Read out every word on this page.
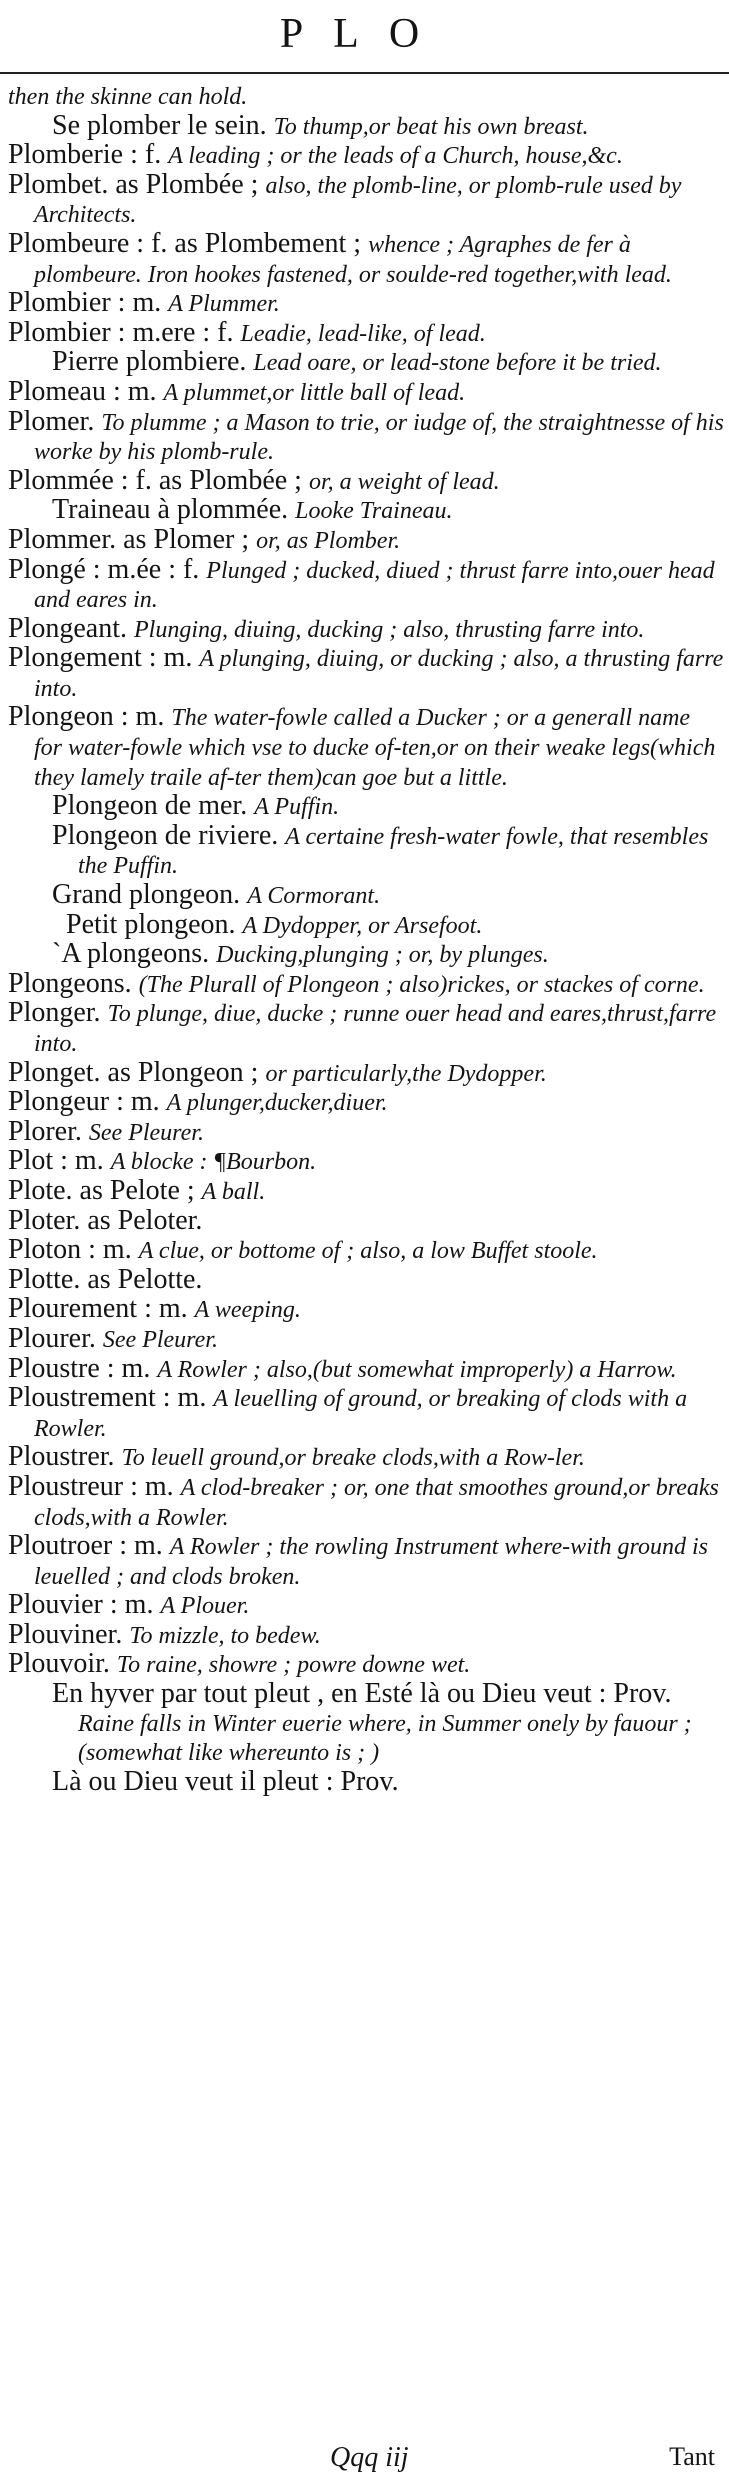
PLO

then the skinne can hold.

Se plomber le sein. To thump,or beat his own breast.

Plomberie : f. A leading ; or the leads of a Church, house,&c.

Plombet. as Plombée ; also, the plomb-line, or plomb-rule used by Architects.

Plombeure : f. as Plombement ; whence ; Agraphes de fer à plombeure. Iron hookes fastened, or soulde-red together,with lead.

Plombier : m. A Plummer.

Plombier : m.ere : f. Leadie, lead-like, of lead.

Pierre plombiere. Lead oare, or lead-stone before it be tried.

Plomeau : m. A plummet,or little ball of lead.

Plomer. To plumme ; a Mason to trie, or iudge of, the straightnesse of his worke by his plomb-rule.

Plommée : f. as Plombée ; or, a weight of lead.

Traineau à plommée. Looke Traineau.

Plommer. as Plomer ; or, as Plomber.

Plongé : m.ée : f. Plunged ; ducked, diued ; thrust farre into,ouer head and eares in.

Plongeant. Plunging, diuing, ducking ; also, thrusting farre into.

Plongement : m. A plunging, diuing, or ducking ; also, a thrusting farre into.

Plongeon : m. The water-fowle called a Ducker ; or a generall name for water-fowle which vse to ducke of-ten,or on their weake legs(which they lamely traile af-ter them)can goe but a little.

Plongeon de mer. A Puffin.

Plongeon de riviere. A certaine fresh-water fowle, that resembles the Puffin.

Grand plongeon. A Cormorant.

Petit plongeon. A Dydopper, or Arsefoot.

`A plongeons. Ducking,plunging ; or, by plunges.

Plongeons. (The Plurall of Plongeon ; also)rickes, or stackes of corne.

Plonger. To plunge, diue, ducke ; runne ouer head and eares,thrust,farre into.

Plonget. as Plongeon ; or particularly,the Dydopper.

Plongeur : m. A plunger,ducker,diuer.

Plorer. See Pleurer.

Plot : m. A blocke : ¶Bourbon.

Plote. as Pelote ; A ball.

Ploter. as Peloter.

Ploton : m. A clue, or bottome of ; also, a low Buffet stoole.

Plotte. as Pelotte.

Plourement : m. A weeping.

Plourer. See Pleurer.

Ploustre : m. A Rowler ; also,(but somewhat improperly) a Harrow.

Ploustrement : m. A leuelling of ground, or breaking of clods with a Rowler.

Ploustrer. To leuell ground,or breake clods,with a Row-ler.

Ploustreur : m. A clod-breaker ; or, one that smoothes ground,or breaks clods,with a Rowler.

Ploutroer : m. A Rowler ; the rowling Instrument where-with ground is leuelled ; and clods broken.

Plouvier : m. A Plouer.

Plouviner. To mizzle, to bedew.

Plouvoir. To raine, showre ; powre downe wet.

En hyver par tout pleut , en Esté là ou Dieu veut : Prov. Raine falls in Winter euerie where, in Summer onely by fauour ; (somewhat like whereunto is ; )

Là ou Dieu veut il pleut : Prov.

Qqq iij	Tant
